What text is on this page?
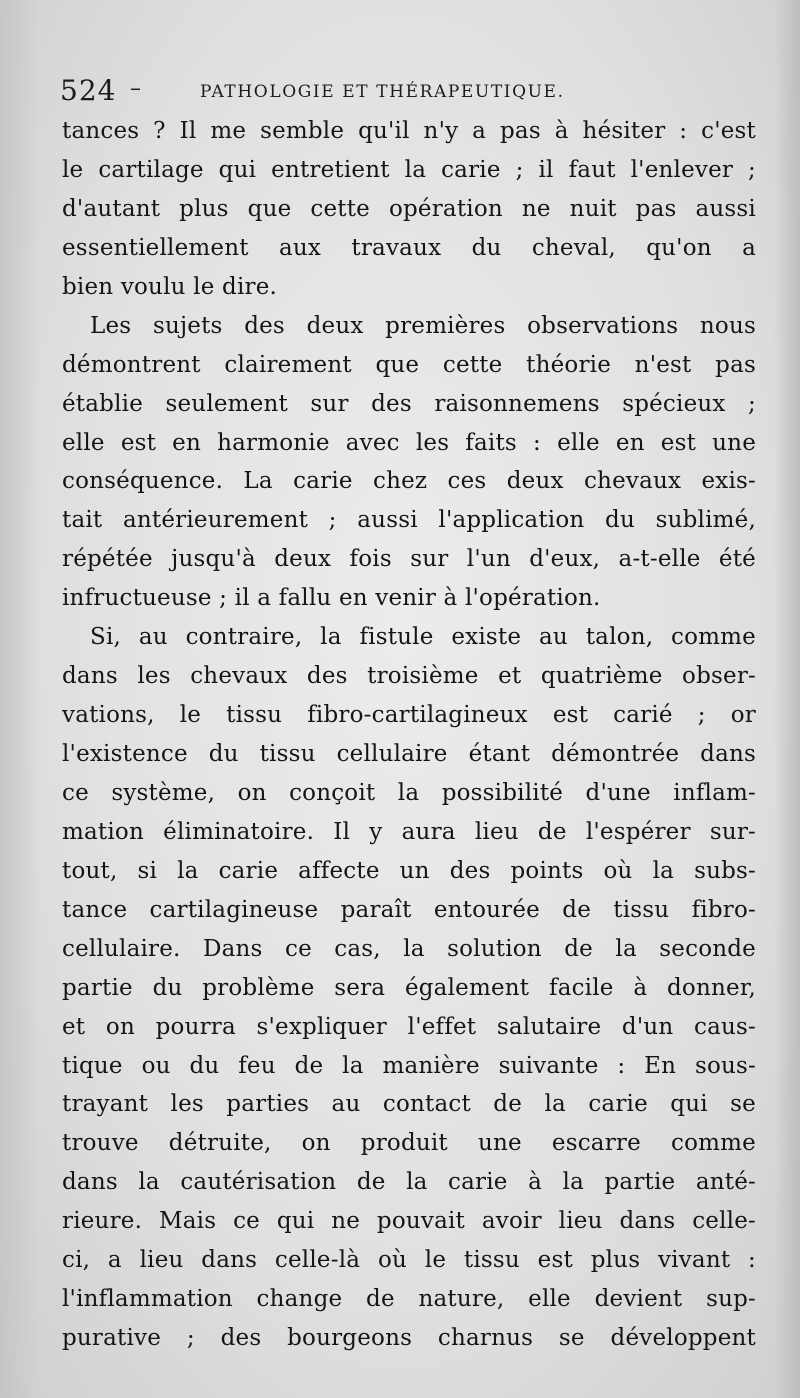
524 –	PATHOLOGIE ET THÉRAPEUTIQUE.
tances ? Il me semble qu'il n'y a pas à hésiter : c'est
le cartilage qui entretient la carie ; il faut l'enlever ;
d'autant plus que cette opération ne nuit pas aussi
essentiellement aux travaux du cheval, qu'on a
bien voulu le dire.
Les sujets des deux premières observations nous
démontrent clairement que cette théorie n'est pas
établie seulement sur des raisonnemens spécieux ;
elle est en harmonie avec les faits : elle en est une
conséquence. La carie chez ces deux chevaux exis-
tait antérieurement ; aussi l'application du sublimé,
répétée jusqu'à deux fois sur l'un d'eux, a-t-elle été
infructueuse ; il a fallu en venir à l'opération.
Si, au contraire, la fistule existe au talon, comme
dans les chevaux des troisième et quatrième obser-
vations, le tissu fibro-cartilagineux est carié ; or
l'existence du tissu cellulaire étant démontrée dans
ce système, on conçoit la possibilité d'une inflam-
mation éliminatoire. Il y aura lieu de l'espérer sur-
tout, si la carie affecte un des points où la subs-
tance cartilagineuse paraît entourée de tissu fibro-
cellulaire. Dans ce cas, la solution de la seconde
partie du problème sera également facile à donner,
et on pourra s'expliquer l'effet salutaire d'un caus-
tique ou du feu de la manière suivante : En sous-
trayant les parties au contact de la carie qui se
trouve détruite, on produit une escarre comme
dans la cautérisation de la carie à la partie anté-
rieure. Mais ce qui ne pouvait avoir lieu dans celle-
ci, a lieu dans celle-là où le tissu est plus vivant :
l'inflammation change de nature, elle devient sup-
purative ; des bourgeons charnus se développent
